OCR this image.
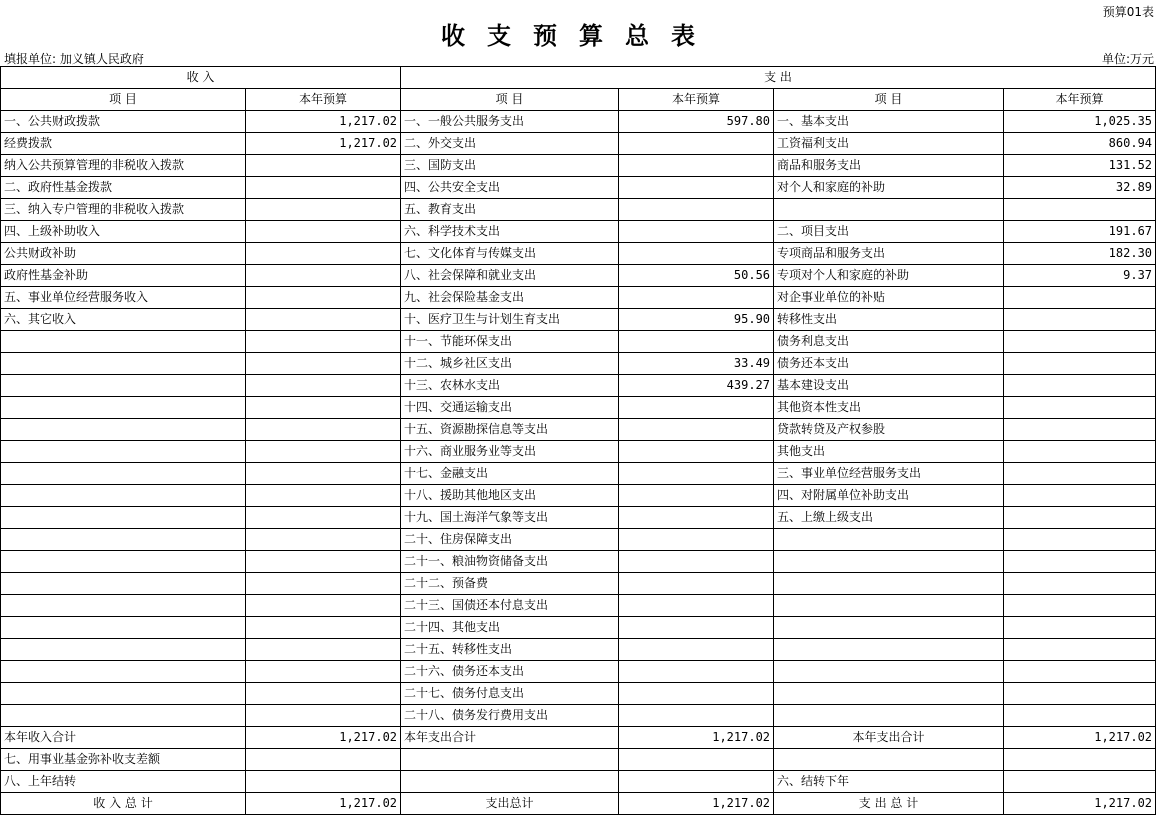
预算01表
收支预算总表
填报单位: 加义镇人民政府	单位:万元
收 入		支 出			
项 目	本年预算	项 目	本年预算	项 目	本年预算
一、公共财政拨款	1,217.02	一、一般公共服务支出	597.80	一、基本支出	1,025.35
经费拨款	1,217.02	二、外交支出		工资福利支出	860.94
纳入公共预算管理的非税收入拨款		三、国防支出		商品和服务支出	131.52
二、政府性基金拨款		四、公共安全支出		对个人和家庭的补助	32.89
三、纳入专户管理的非税收入拨款		五、教育支出			
四、上级补助收入		六、科学技术支出		二、项目支出	191.67
公共财政补助		七、文化体育与传媒支出		专项商品和服务支出	182.30
政府性基金补助		八、社会保障和就业支出	50.56	专项对个人和家庭的补助	9.37
五、事业单位经营服务收入		九、社会保险基金支出		对企事业单位的补贴	
六、其它收入		十、医疗卫生与计划生育支出	95.90	转移性支出	
		十一、节能环保支出		债务利息支出	
		十二、城乡社区支出	33.49	债务还本支出	
		十三、农林水支出	439.27	基本建设支出	
		十四、交通运输支出		其他资本性支出	
		十五、资源勘探信息等支出		贷款转贷及产权参股	
		十六、商业服务业等支出		其他支出	
		十七、金融支出		三、事业单位经营服务支出	
		十八、援助其他地区支出		四、对附属单位补助支出	
		十九、国土海洋气象等支出		五、上缴上级支出	
		二十、住房保障支出			
		二十一、粮油物资储备支出			
		二十二、预备费			
		二十三、国债还本付息支出			
		二十四、其他支出			
		二十五、转移性支出			
		二十六、债务还本支出			
		二十七、债务付息支出			
		二十八、债务发行费用支出			
本年收入合计	1,217.02	本年支出合计	1,217.02	本年支出合计	1,217.02
七、用事业基金弥补收支差额					
八、上年结转				六、结转下年	
收 入 总 计	1,217.02	支出总计	1,217.02	支 出 总 计	1,217.02
